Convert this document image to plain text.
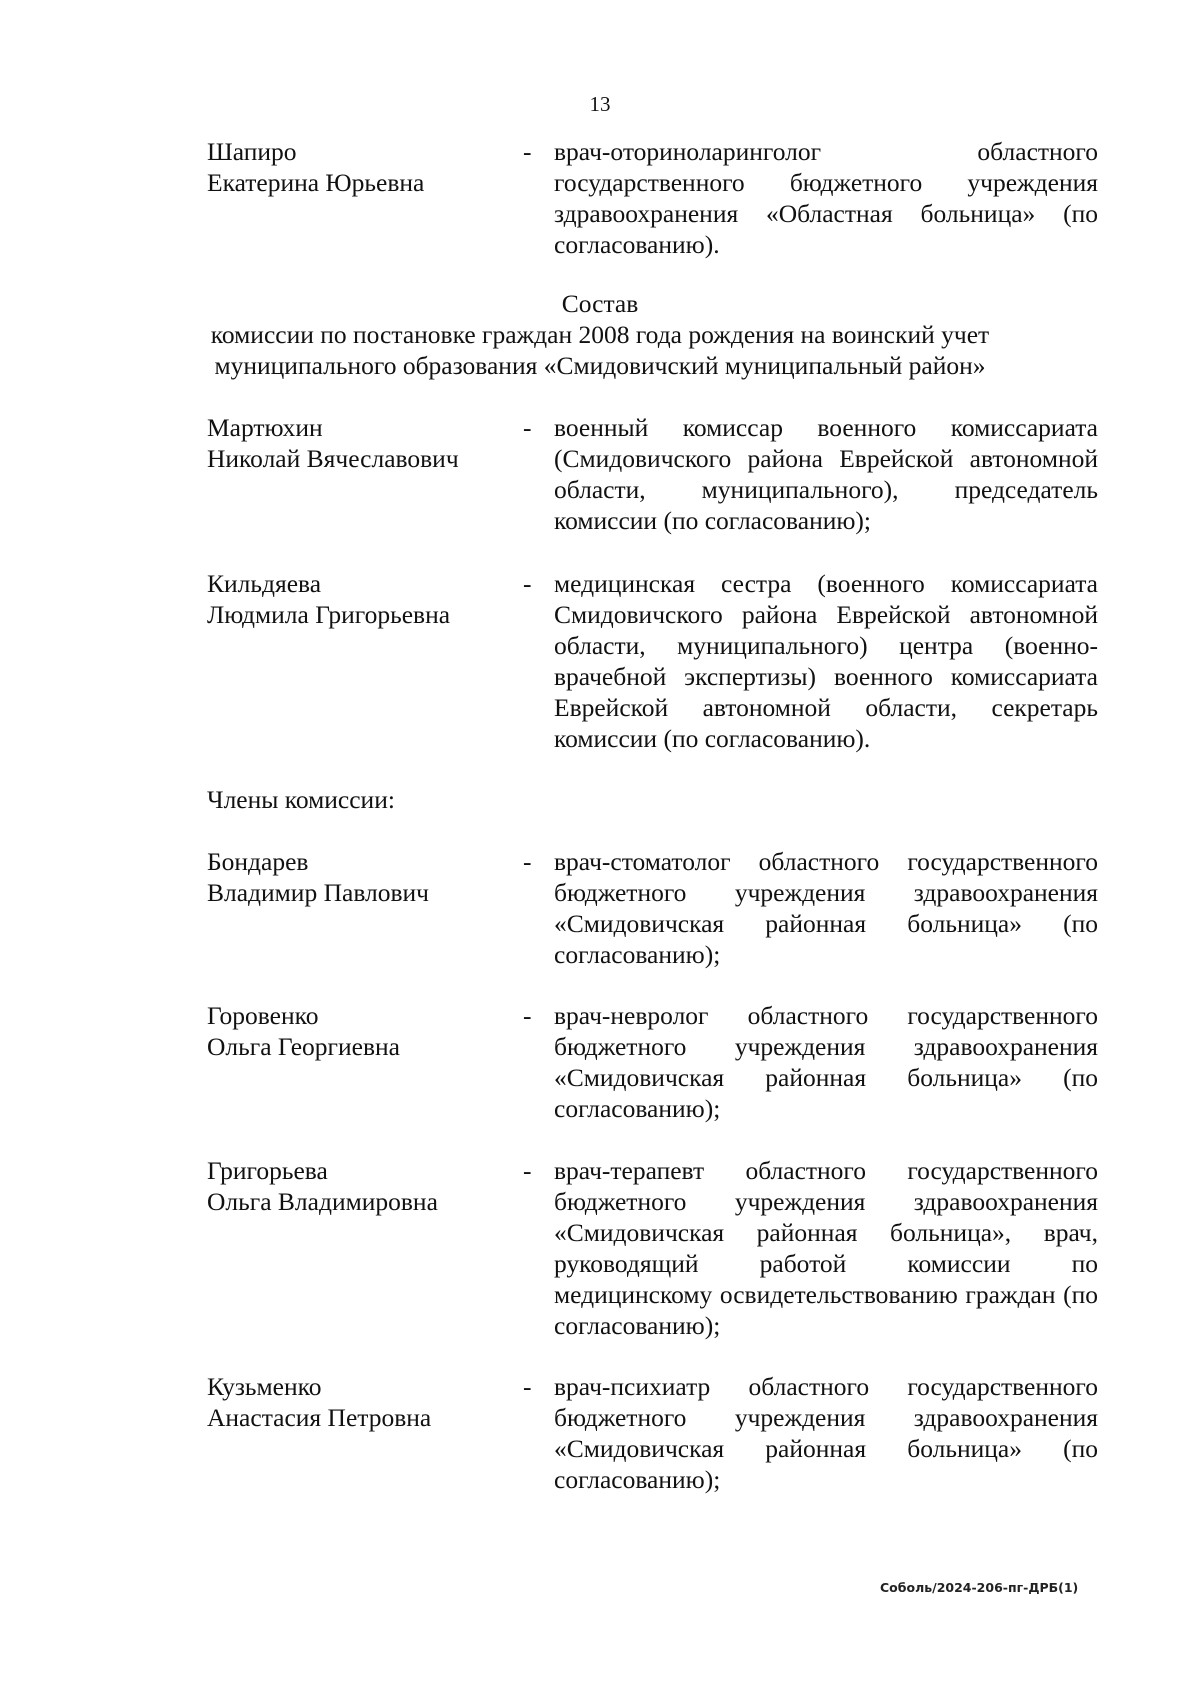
13
Шапиро
Екатерина Юрьевна
- врач-оториноларинголог областного государственного бюджетного учреждения здравоохранения «Областная больница» (по согласованию).
Состав
комиссии по постановке граждан 2008 года рождения на воинский учет
муниципального образования «Смидовичский муниципальный район»
Мартюхин
Николай Вячеславович
- военный комиссар военного комиссариата (Смидовичского района Еврейской автономной области, муниципального), председатель комиссии (по согласованию);
Кильдяева
Людмила Григорьевна
- медицинская сестра (военного комиссариата Смидовичского района Еврейской автономной области, муниципального) центра (военно-врачебной экспертизы) военного комиссариата Еврейской автономной области, секретарь комиссии (по согласованию).
Члены комиссии:
Бондарев
Владимир Павлович
- врач-стоматолог областного государственного бюджетного учреждения здравоохранения «Смидовичская районная больница» (по согласованию);
Горовенко
Ольга Георгиевна
- врач-невролог областного государственного бюджетного учреждения здравоохранения «Смидовичская районная больница» (по согласованию);
Григорьева
Ольга Владимировна
- врач-терапевт областного государственного бюджетного учреждения здравоохранения «Смидовичская районная больница», врач, руководящий работой комиссии по медицинскому освидетельствованию граждан (по согласованию);
Кузьменко
Анастасия Петровна
- врач-психиатр областного государственного бюджетного учреждения здравоохранения «Смидовичская районная больница» (по согласованию);
Соболь/2024-206-пг-ДРБ(1)
